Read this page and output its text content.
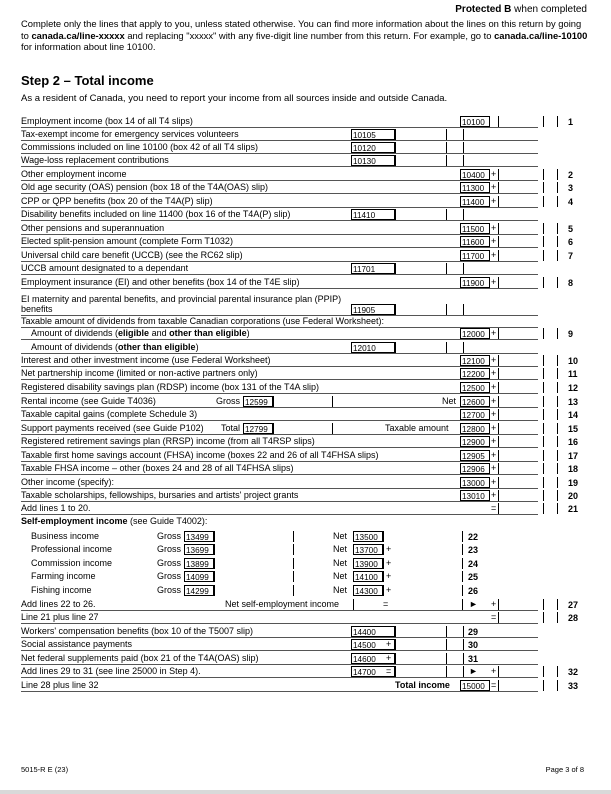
Protected B when completed
Complete only the lines that apply to you, unless stated otherwise. You can find more information about the lines on this return by going to canada.ca/line-xxxxx and replacing "xxxxx" with any five-digit line number from this return. For example, go to canada.ca/line-10100 for information about line 10100.
Step 2 – Total income
As a resident of Canada, you need to report your income from all sources inside and outside Canada.
Employment income (box 14 of all T4 slips)	10100	1
Tax-exempt income for emergency services volunteers	10105
Commissions included on line 10100 (box 42 of all T4 slips)	10120
Wage-loss replacement contributions	10130
Other employment income	10400 +	2
Old age security (OAS) pension (box 18 of the T4A(OAS) slip)	11300 +	3
CPP or QPP benefits (box 20 of the T4A(P) slip)	11400 +	4
Disability benefits included on line 11400 (box 16 of the T4A(P) slip)	11410
Other pensions and superannuation	11500 +	5
Elected split-pension amount (complete Form T1032)	11600 +	6
Universal child care benefit (UCCB) (see the RC62 slip)	11700 +	7
UCCB amount designated to a dependant	11701
Employment insurance (EI) and other benefits (box 14 of the T4E slip)	11900 +	8
EI maternity and parental benefits, and provincial parental insurance plan (PPIP) benefits	11905
Taxable amount of dividends from taxable Canadian corporations (use Federal Worksheet):
Amount of dividends (eligible and other than eligible)	12000 +	9
Amount of dividends (other than eligible)	12010
Interest and other investment income (use Federal Worksheet)	12100 +	10
Net partnership income (limited or non-active partners only)	12200 +	11
Registered disability savings plan (RDSP) income (box 131 of the T4A slip)	12500 +	12
Rental income (see Guide T4036)	Gross 12599	Net 12600 +	13
Taxable capital gains (complete Schedule 3)	12700 +	14
Support payments received (see Guide P102) Total 12799	Taxable amount 12800 +	15
Registered retirement savings plan (RRSP) income (from all T4RSP slips)	12900 +	16
Taxable first home savings account (FHSA) income (boxes 22 and 26 of all T4FHSA slips)	12905 +	17
Taxable FHSA income – other (boxes 24 and 28 of all T4FHSA slips)	12906 +	18
Other income (specify):	13000 +	19
Taxable scholarships, fellowships, bursaries and artists' project grants	13010 +	20
Add lines 1 to 20.	=	21
Self-employment income (see Guide T4002):
Business income	Gross 13499	Net 13500	22
Professional income	Gross 13699	Net 13700 +	23
Commission income	Gross 13899	Net 13900 +	24
Farming income	Gross 14099	Net 14100 +	25
Fishing income	Gross 14299	Net 14300 +	26
Add lines 22 to 26.	Net self-employment income	=	► +	27
Line 21 plus line 27	=	28
Workers' compensation benefits (box 10 of the T5007 slip)	14400	29
Social assistance payments	14500	+	30
Net federal supplements paid (box 21 of the T4A(OAS) slip)	14600	+	31
Add lines 29 to 31 (see line 25000 in Step 4).	14700	=	► +	32
Line 28 plus line 32	Total income 15000 =	33
5015-R E (23)	Page 3 of 8
